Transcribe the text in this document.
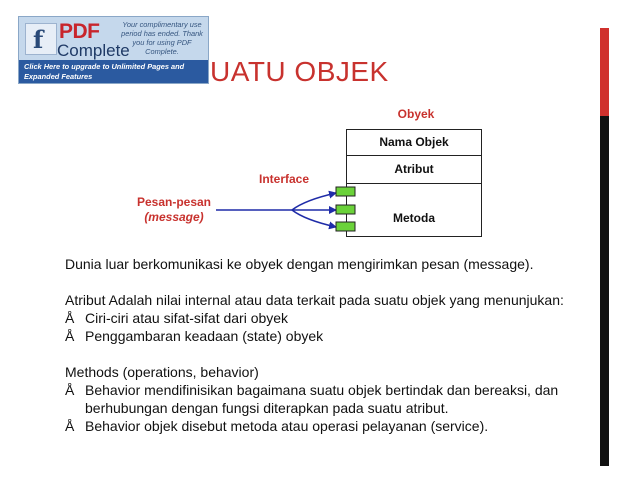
f PDF
Complete
Your complimentary use period has ended. Thank you for using PDF Complete.
Click Here to upgrade to Unlimited Pages and Expanded Features	UATU OBJEK
Obyek
Interface
Pesan-pesan
(message)
Nama Objek
Atribut
Metoda

Dunia luar berkomunikasi ke obyek dengan mengirimkan pesan (message).

Atribut Adalah nilai internal atau data terkait pada suatu objek yang menunjukan:

Å Ciri-ciri atau sifat-sifat dari obyek

Å Penggambaran keadaan (state) obyek

Methods (operations, behavior)

Å Behavior mendifinisikan bagaimana suatu objek bertindak dan bereaksi, dan berhubungan dengan fungsi diterapkan pada suatu atribut.

Å Behavior objek disebut metoda atau operasi pelayanan (service).
